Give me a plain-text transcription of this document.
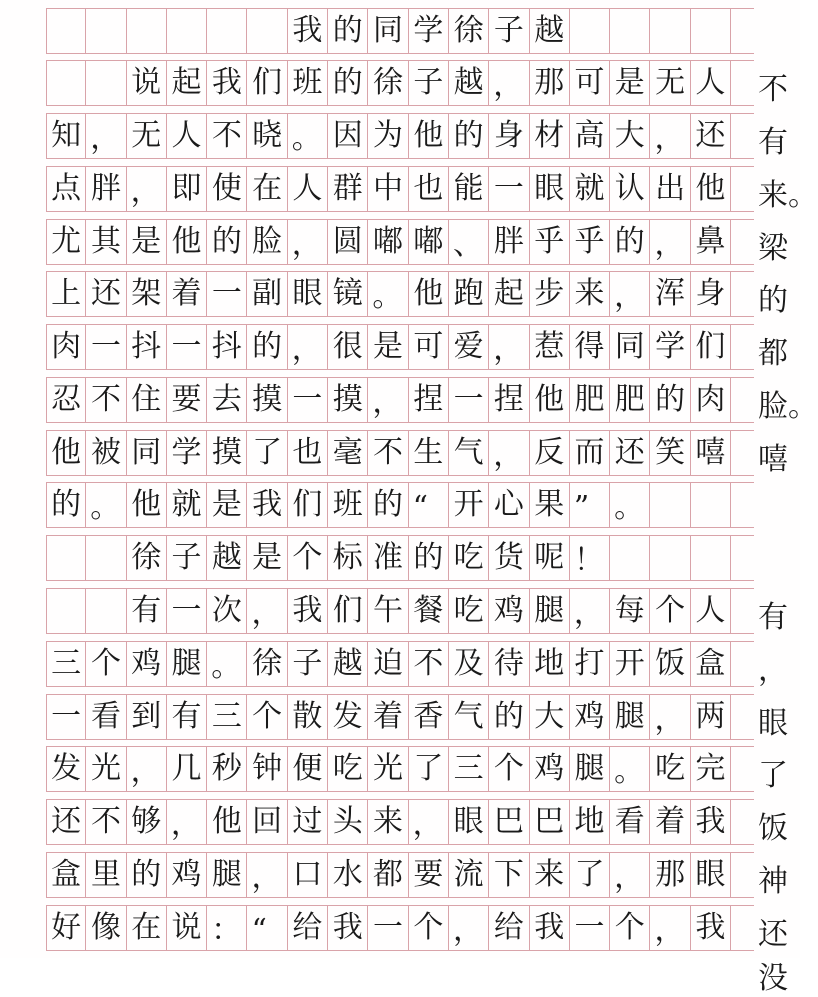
我 的 同 学 徐 子 越
说 起 我 们 班 的 徐 子 越 ， 那 可 是 无 人 不
知 ， 无 人 不 晓 。 因 为 他 的 身 材 高 大 ， 还 有
点 胖 ， 即 使 在 人 群 中 也 能 一 眼 就 认 出 他 来。
尤 其 是 他 的 脸 ， 圆 嘟 嘟 、 胖 乎 乎 的 ， 鼻 梁
上 还 架 着 一 副 眼 镜 。 他 跑 起 步 来 ， 浑 身 的
肉 一 抖 一 抖 的 ， 很 是 可 爱 ， 惹 得 同 学 们 都
忍 不 住 要 去 摸 一 摸 ， 捏 一 捏 他 肥 肥 的 肉 脸。
他 被 同 学 摸 了 也 毫 不 生 气 ， 反 而 还 笑 嘻 嘻
的 。 他 就 是 我 们 班 的 “ 开 心 果 ” 。
徐 子 越 是 个 标 准 的 吃 货 呢 ！
有 一 次 ， 我 们 午 餐 吃 鸡 腿 ， 每 个 人 有
三 个 鸡 腿 。 徐 子 越 迫 不 及 待 地 打 开 饭 盒 ，
一 看 到 有 三 个 散 发 着 香 气 的 大 鸡 腿 ， 两 眼
发 光 ， 几 秒 钟 便 吃 光 了 三 个 鸡 腿 。 吃 完 了
还 不 够 ， 他 回 过 头 来 ， 眼 巴 巴 地 看 着 我 饭
盒 里 的 鸡 腿 ， 口 水 都 要 流 下 来 了 ， 那 眼 神
好 像 在 说 ： “ 给 我 一 个 ， 给 我 一 个 ， 我 还没
